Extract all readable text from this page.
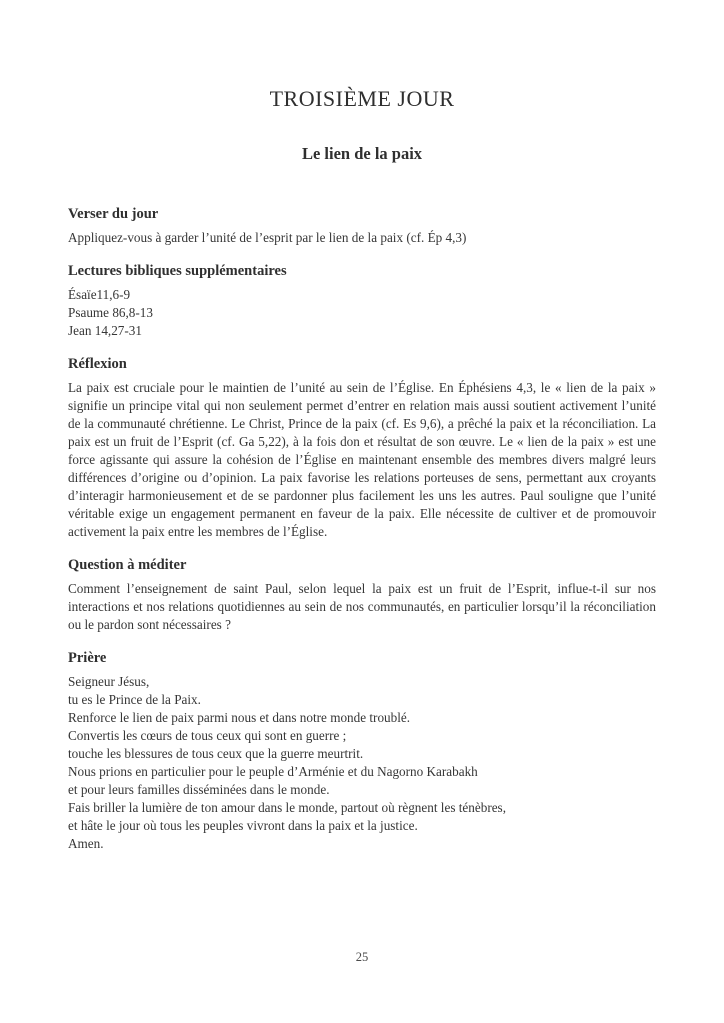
TROISIÈME JOUR
Le lien de la paix
Verser du jour

Appliquez-vous à garder l’unité de l’esprit par le lien de la paix (cf. Ép 4,3)

Lectures bibliques supplémentaires
Ésaïe11,6-9
Psaume 86,8-13
Jean 14,27-31
Réflexion

La paix est cruciale pour le maintien de l’unité au sein de l’Église. En Éphésiens 4,3, le « lien de la paix » signifie un principe vital qui non seulement permet d’entrer en relation mais aussi soutient activement l’unité de la communauté chrétienne. Le Christ, Prince de la paix (cf. Es 9,6), a prêché la paix et la réconciliation. La paix est un fruit de l’Esprit (cf. Ga 5,22), à la fois don et résultat de son œuvre. Le « lien de la paix » est une force agissante qui assure la cohésion de l’Église en maintenant ensemble des membres divers malgré leurs différences d’origine ou d’opinion. La paix favorise les relations porteuses de sens, permettant aux croyants d’interagir harmonieusement et de se pardonner plus facilement les uns les autres. Paul souligne que l’unité véritable exige un engagement permanent en faveur de la paix. Elle nécessite de cultiver et de promouvoir activement la paix entre les membres de l’Église.

Question à méditer

Comment l’enseignement de saint Paul, selon lequel la paix est un fruit de l’Esprit, influe-t-il sur nos interactions et nos relations quotidiennes au sein de nos communautés, en particulier lorsqu’il la réconciliation ou le pardon sont nécessaires ?

Prière
Seigneur Jésus,
tu es le Prince de la Paix.
Renforce le lien de paix parmi nous et dans notre monde troublé.
Convertis les cœurs de tous ceux qui sont en guerre ;
touche les blessures de tous ceux que la guerre meurtrit.
Nous prions en particulier pour le peuple d’Arménie et du Nagorno Karabakh
et pour leurs familles disséminées dans le monde.
Fais briller la lumière de ton amour dans le monde, partout où règnent les ténèbres,
et hâte le jour où tous les peuples vivront dans la paix et la justice.
Amen.
25
